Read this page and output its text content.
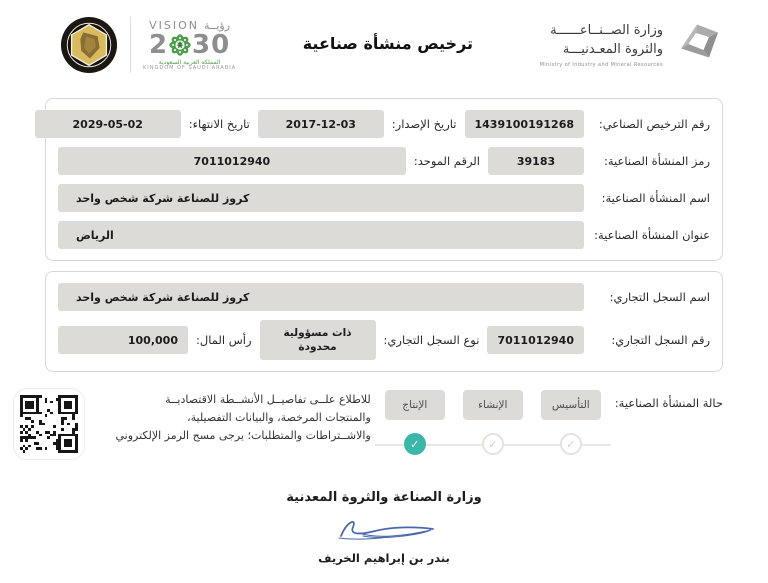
رؤيــة
VISION
2 30
المملكة العربية السعودية
KINGDOM OF SAUDI ARABIA
ترخيص منشأة صناعية
وزارة الصــنــاعــــــة
والثروة المعـدنيـــة
Ministry of Industry and Mineral Resources
رقم الترخيص الصناعي:
1439100191268
تاريخ الإصدار:
2017-12-03
تاريخ الانتهاء:
2029-05-02
رمز المنشأة الصناعية:
39183
الرقم الموحد:
7011012940
اسم المنشأة الصناعية:
كروز للصناعة شركة شخص واحد
عنوان المنشأة الصناعية:
الرياض
اسم السجل التجاري:
كروز للصناعة شركة شخص واحد
رقم السجل التجاري:
7011012940
نوع السجل التجاري:
ذات مسؤولية محدودة
رأس المال:
100,000
حالة المنشأة الصناعية:
التأسيس
✓
الإنشاء
✓
الإنتاج
✓
للاطلاع علــى تفاصيــل الأنشــطة الاقتصاديــة
والمنتجات المرخصة، والبيانات التفصيلية،
والاشــتراطات والمتطلبات؛ يرجى مسح الرمز الإلكتروني
وزارة الصناعة والثروة المعدنية
بندر بن إبراهيم الخريف
